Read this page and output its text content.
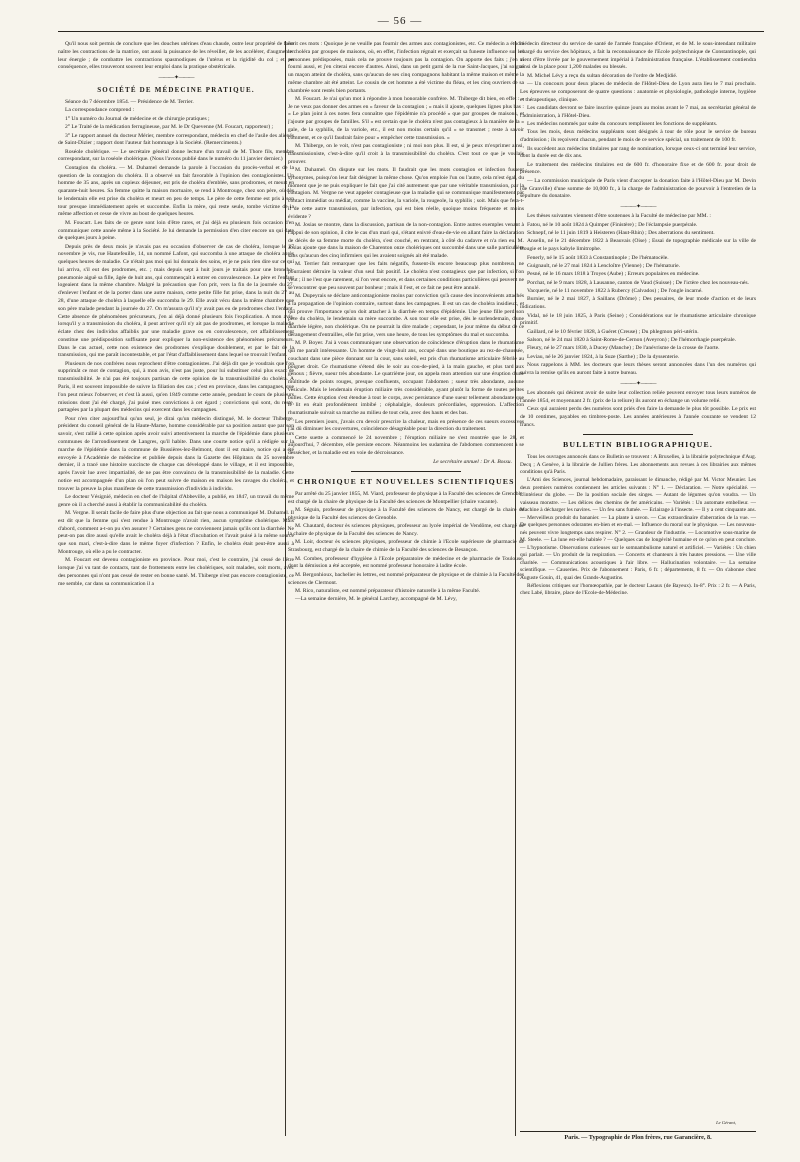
— 56 —

Qu'il nous soit permis de conclure que les douches utérines d'eau chaude, outre leur propriété de faire naître les contractions de la matrice, ont aussi la puissance de les réveiller, de les accélérer, d'augmenter leur énergie ; de combattre les contractions spasmodiques de l'utérus et la rigidité du col ; et, en conséquence, elles trouveront souvent leur emploi dans la pratique obstétricale.

——— ✦ ———
SOCIÉTÉ DE MÉDECINE PRATIQUE.

Séance du 7 décembre 1854. — Présidence de M. Terrier.

La correspondance comprend :

1° Un numéro du Journal de médecine et de chirurgie pratiques ;

2° Le Traité de la médication ferrugineuse, par M. le Dr Quevenne (M. Foucart, rapporteur) ;

3° Le rapport annuel du docteur Mérier, membre correspondant, médecin en chef de l'asile des aliénés de Saint-Dizier ; rapport dont l'auteur fait hommage à la Société. (Remerciments.)

Roséole cholérique. — Le secrétaire général donne lecture d'un travail de M. Thore fils, membre correspondant, sur la roséole cholérique. (Nous l'avons publié dans le numéro du 11 janvier dernier.)

Contagion du choléra. — M. Duhamel demande la parole à l'occasion du procès-verbal et de la question de la contagion du choléra. Il a observé un fait favorable à l'opinion des contagionistes. Un homme de 35 ans, après un copieux déjeuner, est pris de choléra d'emblée, sans prodromes, et meurt en quarante-huit heures. Sa femme quitte la maison mortuaire, se rend à Montrouge, chez son père, où dès le lendemain elle est prise du choléra et meurt en peu de temps. Le père de cette femme est pris à son tour presque immédiatement après et succombe. Enfin la mère, qui reste seule, tombe victime de la même affection et cesse de vivre au bout de quelques heures.

M. Foucart. Les faits de ce genre sont loin d'être rares, et j'ai déjà eu plusieurs fois occasion d'en communiquer cette année même à la Société. Je lui demande la permission d'en citer encore un qui date de quelques jours à peine.

Depuis près de deux mois je n'avais pas eu occasion d'observer de cas de choléra, lorsque le 27 novembre je vis, rue Hautefeuille, 14, un nommé Lafont, qui succomba à une attaque de choléra après quelques heures de maladie. Ce n'était pas moi qui lui donnais des soins, et je ne puis rien dire sur ce qui lui arriva, s'il eut des prodromes, etc. ; mais depuis sept à huit jours je traitais pour une broncho-pneumonie aiguë sa fille, âgée de huit ans, qui commençait à entrer en convalescence. Le père et l'enfant logeaient dans la même chambre. Malgré la précaution que l'on prit, vers la fin de la journée du 27, d'enlever l'enfant et de la porter dans une autre maison, cette petite fille fut prise, dans la nuit du 27 au 28, d'une attaque de choléra à laquelle elle succomba le 29. Elle avait vécu dans la même chambre que son père malade pendant la journée du 27. On m'assura qu'il n'y avait pas eu de prodromes chez l'enfant. Cette absence de phénomènes précurseurs, j'en ai déjà donné plusieurs fois l'explication. A mon avis, lorsqu'il y a transmission du choléra, il peut arriver qu'il n'y ait pas de prodromes, et lorsque la maladie éclate chez des individus affaiblis par une maladie grave ou en convalescence, cet affaiblissement constitue une prédisposition suffisante pour expliquer la non-existence des phénomènes précurseurs. Dans le cas actuel, cette non existence des prodromes s'explique doublement, et par le fait de la transmission, qui me paraît incontestable, et par l'état d'affaiblissement dans lequel se trouvait l'enfant.

Plusieurs de nos confrères nous reprochent d'être contagionistes. J'ai déjà dit que je voudrais que l'on supprimât ce mot de contagion, qui, à mon avis, n'est pas juste, pour lui substituer celui plus exact de transmissibilité. Je n'ai pas été toujours partisan de cette opinion de la transmissibilité du choléra. A Paris, il est souvent impossible de suivre la filiation des cas ; c'est en province, dans les campagnes, que l'on peut mieux l'observer, et c'est là aussi, qu'en 1849 comme cette année, pendant le cours de plusieurs missions dont j'ai été chargé, j'ai puisé mes convictions à cet égard ; convictions qui sont, du reste, partagées par la plupart des médecins qui exercent dans les campagnes.

Pour n'en citer aujourd'hui qu'un seul, je dirai qu'un médecin distingué, M. le docteur Thiberge, président du conseil général de la Haute-Marne, homme considérable par sa position autant que par son savoir, s'est rallié à cette opinion après avoir suivi attentivement la marche de l'épidémie dans plusieurs communes de l'arrondissement de Langres, qu'il habite. Dans une courte notice qu'il a rédigée sur la marche de l'épidémie dans la commune de Bussières-lez-Belmont, dont il est maire, notice qui a été envoyée à l'Académie de médecine et publiée depuis dans la Gazette des Hôpitaux du 25 novembre dernier, il a tracé une histoire succincte de chaque cas développé dans le village, et il est impossible, après l'avoir lue avec impartialité, de ne pas être convaincu de la transmissibilité de la maladie. Cette notice est accompagnée d'un plan où l'on peut suivre de maison en maison les ravages du choléra, et trouver la preuve la plus manifeste de cette transmission d'individu à individu.

Le docteur Vésignié, médecin en chef de l'hôpital d'Abbeville, a publié, en 1847, un travail du même genre où il a cherché aussi à établir la communicabilité du choléra.

M. Vergne. Il serait facile de faire plus d'une objection au fait que nous a communiqué M. Duhamel. Il est dit que la femme qui s'est rendue à Montrouge n'avait rien, aucun symptôme cholérique. Mais d'abord, comment a-t-on pu s'en assurer ? Certaines gens ne conviennent jamais qu'ils ont la diarrhée. Ne peut-on pas dire aussi qu'elle avait le choléra déjà à l'état d'incubation et l'avait puisé à la même source que son mari, c'est-à-dire dans le même foyer d'infection ? Enfin, le choléra était peut-être aussi à Montrouge, où elle a pu le contracter.

M. Foucart est devenu contagioniste en province. Pour moi, c'est le contraire, j'ai cessé de l'être lorsque j'ai vu tant de contacts, tant de frottements entre les cholériques, soit malades, soit morts, avec des personnes qui n'ont pas cessé de rester en bonne santé. M. Thiberge n'est pas encore contagioniste, ce me semble, car dans sa communication il a

écrit ces mots : Quoique je ne veuille pas fournir des armes aux contagionistes, etc. Ce médecin a étudié le choléra par groupes de maisons, où, en effet, l'infection régnait et exerçait sa funeste influence sur les personnes prédisposées, mais cela ne prouve toujours pas la contagion. On apporte des faits ; j'en ai fourni aussi, et j'en citerai encore d'autres. Ainsi, dans un petit garni de la rue Saint-Jacques, j'ai soigné un maçon atteint de choléra, sans qu'aucun de ses cinq compagnons habitant la même maison et même la même chambre ait été atteint. Le cousin de cet homme a été victime du fléau, et les cinq ouvriers de sa chambrée sont restés bien portants.

M. Foucart. Je n'ai qu'un mot à répondre à mon honorable confrère. M. Thiberge dit bien, en effet : « Je ne veux pas donner des armes en » faveur de la contagion ; » mais il ajoute, quelques lignes plus bas : « Le plan joint à ces notes fera connaître que l'épidémie n'a procédé » que par groupes de maisons, et j'ajoute par groupes de familles. S'il » est certain que le choléra n'est pas contagieux à la manière de la » gale, de la syphilis, de la variole, etc., il est non moins certain qu'il » se transmet ; reste à savoir comment, et ce qu'il faudrait faire pour » empêcher cette transmission. »

M. Thiberge, on le voit, n'est pas contagioniste ; ni moi non plus. Il est, si je peux m'exprimer ainsi, transmissioniste, c'est-à-dire qu'il croit à la transmissibilité du choléra. C'est tout ce que je voulais prouver.

M. Duhamel. On dispute sur les mots. Il faudrait que les mots contagion et infection fussent synonymes, puisqu'on leur fait désigner la même chose. Qu'on emploie l'un ou l'autre, cela m'est égal, du moment que je ne puis expliquer le fait que j'ai cité autrement que par une véritable transmission, par la contagion. M. Vergne ne veut appeler contagieuse que la maladie qui se communique manifestement par contact immédiat ou médiat, comme la vaccine, la variole, la rougeole, la syphilis ; soit. Mais que fera-t-il de cette autre transmission, par infection, qui est bien réelle, quoique moins fréquente et moins évidente ?

M. Josias se montre, dans la discussion, partisan de la non-contagion. Entre autres exemples venant à l'appui de son opinion, il cite le cas d'un mari qui, s'étant enivré d'eau-de-vie en allant faire la déclaration de décès de sa femme morte du choléra, s'est couché, en rentrant, à côté du cadavre et n'a rien eu. M. Josias ajoute que dans la maison de Charenton onze cholériques ont succombé dans une salle particulière sans qu'aucun des cinq infirmiers qui les avaient soignés ait été malade.

M. Terrier fait remarquer que les faits négatifs, fussent-ils encore beaucoup plus nombreux, ne pourraient détruire la valeur d'un seul fait positif. Le choléra n'est contagieux que par infection, si l'on veut ; il ne l'est que rarement, si l'on veut encore, et dans certaines conditions particulières qui peuvent ne se rencontrer que peu souvent par bonheur ; mais il l'est, et ce fait ne peut être annulé.

M. Dupeyrais se déclare anticontagioniste moins par conviction qu'à cause des inconvénients attachés à la propagation de l'opinion contraire, surtout dans les campagnes. Il est un cas de choléra insidieux, et qui prouve l'importance qu'on doit attacher à la diarrhée en temps d'épidémie. Une jeune fille perd son père du choléra, le lendemain sa mère succombe. A son tour elle est prise, dès le surlendemain, d'une diarrhée légère, non cholérique. On ne pourrait la dire malade ; cependant, le jour même du début de ce dérangement d'entrailles, elle fut prise, vers une heure, de tous les symptômes du mal et succomba.

M. P. Boyer. J'ai à vous communiquer une observation de coïncidence d'éruption dans le rhumatisme qui me paraît intéressante. Un homme de vingt-huit ans, occupé dans une boutique au rez-de-chaussée, couchant dans une pièce donnant sur la cour, sans soleil, est pris d'un rhumatisme articulaire fébrile au poignet droit. Ce rhumatisme s'étend dès le soir au cou-de-pied, à la main gauche, et plus tard aux genoux ; fièvre, sueur très abondante. Le quatrième jour, on appela mon attention sur une éruption d'une multitude de points rouges, presque confluents, occupant l'abdomen ; sueur très abondante, aucune vésicule. Mais le lendemain éruption miliaire très considérable, ayant plutôt la forme de toutes petites bulles. Cette éruption s'est étendue à tout le corps, avec persistance d'une sueur tellement abondante que le lit en était profondément imbibé ; céphalalgie, douleurs précordiales, oppression. L'affection rhumatismale suivait sa marche au milieu de tout cela, avec des hauts et des bas.

Les premiers jours, j'avais cru devoir prescrire la chaleur, mais en présence de ces sueurs excessives j'ai dû diminuer les couvertures, coïncidence désagréable pour la direction du traitement.

Cette suette a commencé le 24 novembre ; l'éruption miliaire ne s'est montrée que le 28, et aujourd'hui, 7 décembre, elle persiste encore. Néanmoins les sudamina de l'abdomen commencent à se dessécher, et la maladie est en voie de décroissance.

Le secrétaire annuel : Dr A. Bossu.

CHRONIQUE ET NOUVELLES SCIENTIFIQUES

Par arrêté du 25 janvier 1855, M. Viard, professeur de physique à la Faculté des sciences de Grenoble, est chargé de la chaire de physique de la Faculté des sciences de Montpellier (chaire vacante).

M. Séguin, professeur de physique à la Faculté des sciences de Nancy, est chargé de la chaire de physique de la Faculté des sciences de Grenoble.

M. Chautard, docteur ès sciences physiques, professeur au lycée impérial de Vendôme, est chargé de la chaire de physique de la Faculté des sciences de Nancy.

M. Loir, docteur ès sciences physiques, professeur de chimie à l'Ecole supérieure de pharmacie de Strasbourg, est chargé de la chaire de chimie de la Faculté des sciences de Besançon.

M. Combes, professeur d'hygiène à l'Ecole préparatoire de médecine et de pharmacie de Toulouse, dont la démission a été acceptée, est nommé professeur honoraire à ladite école.

M. Bergonhioux, bachelier ès lettres, est nommé préparateur de physique et de chimie à la Faculté des sciences de Clermont.

M. Rico, naturaliste, est nommé préparateur d'histoire naturelle à la même Faculté.

—La semaine dernière, M. le général Larchey, accompagné de M. Lévy,

médecin directeur du service de santé de l'armée française d'Orient, et de M. le sous-intendant militaire chargé du service des hôpitaux, a fait la reconnaissance de l'Ecole polytechnique de Constantinople, qui vient d'être livrée par le gouvernement impérial à l'administration française. L'établissement contiendra ainsi de la place pour 1,200 malades ou blessés.

M. Michel Lévy a reçu du sultan décoration de l'ordre de Medjidié.

— Un concours pour deux places de médecin de l'Hôtel-Dieu de Lyon aura lieu le 7 mai prochain. Les épreuves se composeront de quatre questions : anatomie et physiologie, pathologie interne, hygiène et thérapeutique, clinique.

Les candidats devront se faire inscrire quinze jours au moins avant le 7 mai, au secrétariat général de l'administration, à l'Hôtel-Dieu.

Les médecins nommés par suite du concours remplissent les fonctions de suppléants.

Tous les mois, deux médecins suppléants sont désignés à tour de rôle pour le service de bureau d'admission ; ils reçoivent chacun, pendant le mois de ce service spécial, un traitement de 100 fr.

Ils succèdent aux médecins titulaires par rang de nomination, lorsque ceux-ci ont terminé leur service, dont la durée est de dix ans.

Le traitement des médecins titulaires est de 600 fr. d'honoraire fixe et de 600 fr. pour droit de présence.

— La commission municipale de Paris vient d'accepter la donation faite à l'Hôtel-Dieu par M. Devin (de Granville) d'une somme de 10,000 fr., à la charge de l'administration de pourvoir à l'entretien de la sépulture du donataire.

——— ✦ ———

Les thèses suivantes viennent d'être soutenues à la Faculté de médecine par MM. :

Fatou, né le 10 août 1824 à Quimper (Finistère) ; De l'éclampsie puerpérale.

Schnepf, né le 11 juin 1819 à Heisteren (Haut-Rhin) ; Des aberrations du sentiment.

Anselin, né le 21 décembre 1822 à Beauvais (Oise) ; Essai de topographie médicale sur la ville de Bougie et le pays kabyle limitrophe.

Fenerly, né le 15 août 1833 à Constantinople ; De l'hématocèle.

Guignault, né le 27 mai 1824 à Lencloître (Vienne) ; De l'hématurie.

Pesné, né le 16 mars 1818 à Troyes (Aube) ; Erreurs populaires en médecine.

Porchat, né le 9 mars 1828, à Lausanne, canton de Vaud (Suisse) ; De l'ictère chez les nouveau-nés.

Vacquerie, né le 11 novembre 1822 à Rubercy (Calvados) ; De l'ongle incarné.

Burnier, né le 2 mai 1827, à Saillans (Drôme) ; Des pessaires, de leur mode d'action et de leurs indications.

Vidal, né le 18 juin 1825, à Paris (Seine) ; Considérations sur le rhumatisme articulaire chronique primitif.

Gaillard, né le 10 février 1828, à Guéret (Creuse) ; Du phlegmon péri-utérin.

Salson, né le 24 mai 1820 à Saint-Rome-de-Cernon (Aveyron) ; De l'hémorrhagie puerpérale.

Fleury, né le 27 mars 1830, à Ducey (Manche) ; De l'anévrisme de la crosse de l'aorte.

Leviau, né le 26 janvier 1824, à la Suze (Sarthe) ; De la dyssenterie.

Nous rappelons à MM. les docteurs que leurs thèses seront annoncées dans l'un des numéros qui suivra la remise qu'ils en auront faite à notre bureau.

——— ✦ ———

Les abonnés qui désirent avoir de suite leur collection reliée peuvent envoyer tous leurs numéros de l'année 1854, et moyennant 2 fr. (prix de la reliure) ils auront en échange un volume relié.

Ceux qui auraient perdu des numéros sont priés d'en faire la demande le plus tôt possible. Le prix est de 10 centimes, payables en timbres-poste. Les années antérieures à l'année courante se vendent 12 francs.

BULLETIN BIBLIOGRAPHIQUE.

Tous les ouvrages annoncés dans ce Bulletin se trouvent : A Bruxelles, à la librairie polytechnique d'Aug. Decq ; A Genève, à la librairie de Jullien frères. Les abonnements aux revues à ces librairies aux mêmes conditions qu'à Paris.

L'Ami des Sciences, journal hebdomadaire, paraissant le dimanche, rédigé par M. Victor Meunier. Les deux premiers numéros contiennent les articles suivants : N° 1. — Déclaration. — Notre spécialité. — L'intérieur du globe. — De la position sociale des singes. — Autant de légumes qu'on voudra. — Un vaisseau monstre. — Les délices des chemins de fer américains. — Variétés : Un automate embelleur. — Machine à décharger les navires. — Un feu sans fumée. — Eclairage à l'insecte. — Il y a cent cinquante ans. — Merveilleux produit du bananier. — La plante à savon. — Cas extraordinaire d'aberration de la vue. — De quelques personnes odorantes en-bien et en-mal. — Influence du moral sur le physique. — Les nouveau-nés peuvent vivre longtemps sans respirer. N° 2. — Grandeur de l'industrie. — Locomotive sous-marine de M. Steele. — La lune est-elle habitée ? — Quelques cas de longévité humaine et ce qu'on en peut conclure. — L'hypnotisme. Observations curieuses sur le somnambulisme naturel et artificiel. — Variétés : Un chien qui parlait. — Un produit de la respiration. — Concerts et chanteurs à très hautes pressions. — Une ville charitée. — Communications acoustiques à l'air libre. — Hallucination volontaire. — La semaine scientifique. — Causeries. Prix de l'abonnement : Paris, 6 fr. ; départements, 8 fr. — On s'abonne chez Auguste Gouin, 41, quai des Grands-Augustins.

Réflexions critiques sur l'homœopathie, par le docteur Lasaux (de Bayeux). In-8°. Prix : 2 fr. — A Paris, chez Labé, libraire, place de l'Ecole-de-Médecine.

Le Gérant,
Paris. — Typographie de Plon frères, rue Garancière, 8.
